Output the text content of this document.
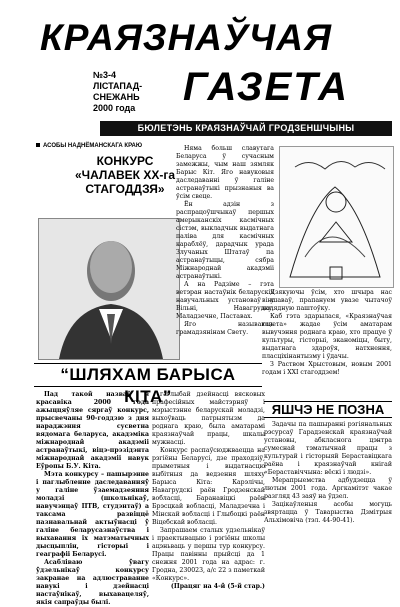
КРАЯЗНАЎЧАЯ
№3-4
ЛІСТАПАД-
СНЕЖАНЬ
2000 года	ГАЗЕТА
БЮЛЕТЭНЬ КРАЯЗНАЎЧАЙ ГРОДЗЕНШЧЫНЫ
АСОБЫ НАДНЁМАНСКАГА КРАЮ
КОНКУРС
«ЧАЛАВЕК ХХ-га
СТАГОДДЗЯ»

Нямa больш славутага Беларуса ў сучасным замежжы, чым наш зямляк Барыс Кіт. Яго навуковыя даследаванні ў галіне астранаўтыкі прызнаныя ва ўсім свеце.

Ён адзін з распрацоўшчыкаў першых амерыканскіх касмічных сістэм, выкладчык выдатнага палiва для касмічных караблёў, дарадчык урада Злучаных Штатаў па астранаўтыцы, сябра Міжнароднай акадэміі астранаўтыкі.

А на Радзіме – гэта ветэран настаўнік беларускіх навучальных установаў у Вільні, Навагрудку, Маладзечне, Паставах.

Яго называюць грамадзянінам Свету.

Дзякуючы ўсім, хто шчыра нас віншаваў, прапануем увазе чытачоў калядную паштоўку.

Каб гэта здарылася, «Краязнаўчая газета» жадае ўсім аматарам вывучэння роднага краю, хто працуе ў культуры, гісторыі, эканоміцы, быту, выдатнага здароўя, натхнення, пласціхінантызму і ўдачы.

З Раством Хрыстовым, новым 2001 годам і ХХІ стагоддзем!

“ШЛЯХАМ БАРЫСА КІТА”

Пад такой назвай з красавіка 2000 года ажыццяўляе сяргаў конкурс, прысвечаны 90-годдзю з дня нараджэння сусветна вядомага беларуса, акадэміка міжнароднай акадэміі астранаўтыкі, віцэ-прэзідэнта міжнароднай акадэміі навук Еўропы Б.У. Кіта.

Мэта конкурсу – пашырэнне і паглыбленне даследаванняў у галіне ўзаемадзеяння моладзі (школьнікаў, навучэнцаў ПТВ, студэнтаў) а таксама развіццё пазнавальнай актыўнасці ў галіне беларусазнаўства і выхавання іх матэматычных дысцыплін, гісторыі і геаграфіі Беларусі.

Асабліваю ўвагу ўдзельнікаў конкурсу закранае на адлюстраванне навукі і дзейнасці настаўнікаў, выхавацеляў, якія сапраўды былі.

гаглыбай дзейнасці вясковых прафесійных майстэрняў і мэрыстэнне беларускай моладзі, выхоўваць патрыятызм да роднага краю, была аматарамі краязнаўчай працы, шкалы мужнасці.

Конкурс распаўсюджваецца на рэгіёны Беларусі, дзе праходзіў, прыметныя і выдатнасцю выбітныя да ведзення шляху Барыса Кіта: Карэлічы, Навагрудскі раён Гродзенскай вобласці, Баранавіцкі раён Брэсцкай вобласці, Маладзечна і Мінскай вобласці і Глыбоцкі раён Віцебскай вобласці.

Запрашаем сталых удзельнікаў і праектывацыю і рэгіёны школы ацэньваць у першы тур конкурсу. Працы павінны прыйсці да 1 снежня 2001 года на адрас: г. Гродна, 230023, а/с 22 з паметкай «Конкурс».

(Працяг на 4-й (5-й стар.)

ЯШЧЭ НЕ ПОЗНА

Задачы па пашыранні рэгіянальных рэсурсаў Гарадзенскай краязнаўчай установы, абкласнога цэнтра сумеснай тэматычнай працы з культурай і гісторыяй Бераставіцкага раёна і краязнаўчай кнігай «Бераставіччына: вёскі і людзі».

Мерапрыемства адбудзецца ў лютым 2001 года. Аргкамітэт чакае разгляд 43 заяў на ўдзел.

Зацікаўленыя асобы могуць звяртацца ў Таварыства Дзмітрыя Альхімовіча (тэл. 44-90-41).
